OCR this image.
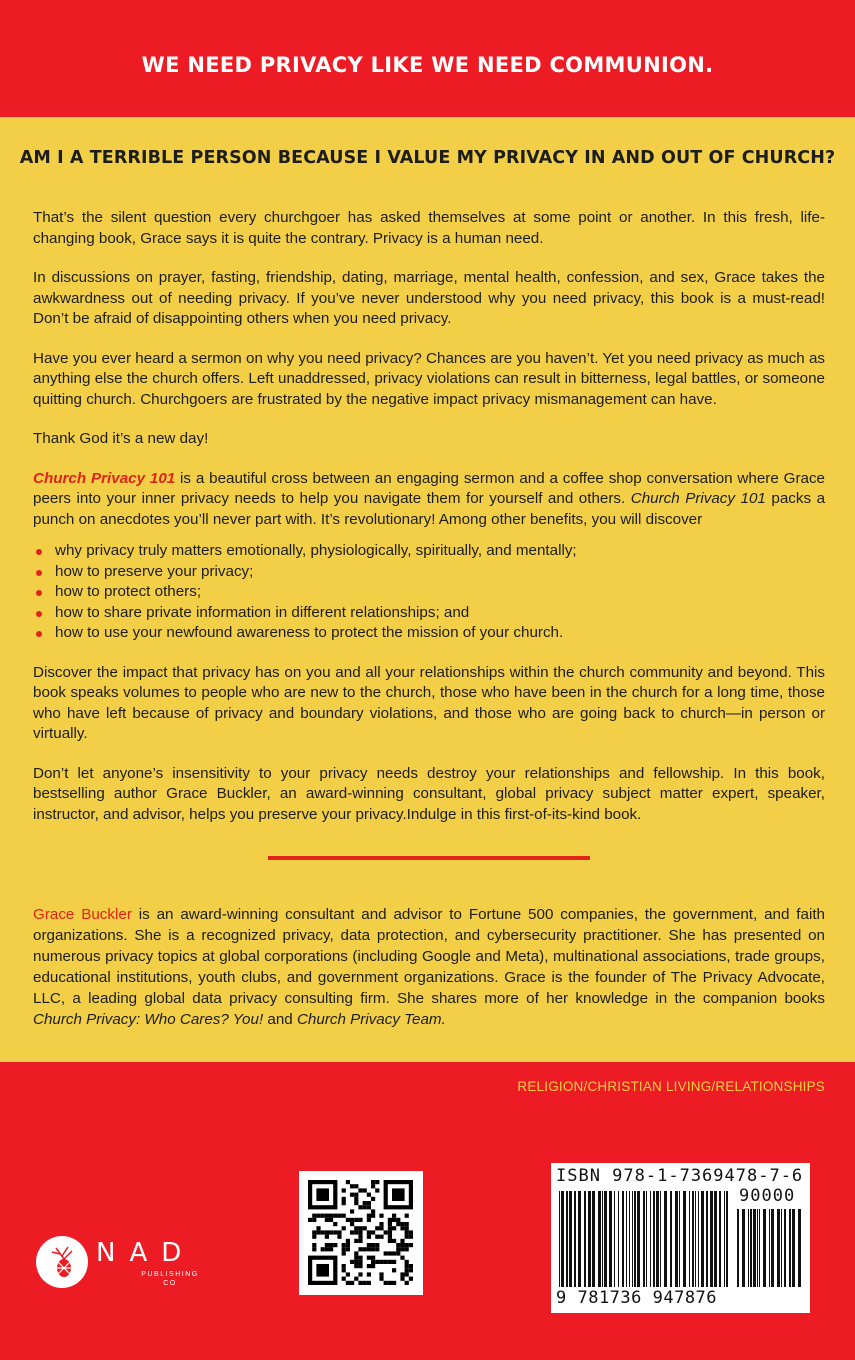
WE NEED PRIVACY LIKE WE NEED COMMUNION.
AM I A TERRIBLE PERSON BECAUSE I VALUE MY PRIVACY IN AND OUT OF CHURCH?

That’s the silent question every churchgoer has asked themselves at some point or another. In this fresh, life-changing book, Grace says it is quite the contrary. Privacy is a human need.

In discussions on prayer, fasting, friendship, dating, marriage, mental health, confession, and sex, Grace takes the awkwardness out of needing privacy. If you’ve never understood why you need privacy, this book is a must-read! Don’t be afraid of disappointing others when you need privacy.

Have you ever heard a sermon on why you need privacy? Chances are you haven’t. Yet you need privacy as much as anything else the church offers. Left unaddressed, privacy violations can result in bitterness, legal battles, or someone quitting church. Churchgoers are frustrated by the negative impact privacy mismanagement can have.

Thank God it’s a new day!

Church Privacy 101 is a beautiful cross between an engaging sermon and a coffee shop conversation where Grace peers into your inner privacy needs to help you navigate them for yourself and others. Church Privacy 101 packs a punch on anecdotes you’ll never part with. It’s revolutionary! Among other benefits, you will discover

why privacy truly matters emotionally, physiologically, spiritually, and mentally;
how to preserve your privacy;
how to protect others;
how to share private information in different relationships; and
how to use your newfound awareness to protect the mission of your church.

Discover the impact that privacy has on you and all your relationships within the church community and beyond. This book speaks volumes to people who are new to the church, those who have been in the church for a long time, those who have left because of privacy and boundary violations, and those who are going back to church—in person or virtually.

Don’t let anyone’s insensitivity to your privacy needs destroy your relationships and fellowship. In this book, bestselling author Grace Buckler, an award-winning consultant, global privacy subject matter expert, speaker, instructor, and advisor, helps you preserve your privacy.Indulge in this first-of-its-kind book.

Grace Buckler is an award-winning consultant and advisor to Fortune 500 companies, the government, and faith organizations. She is a recognized privacy, data protection, and cybersecurity practitioner. She has presented on numerous privacy topics at global corporations (including Google and Meta), multinational associations, trade groups, educational institutions, youth clubs, and government organizations. Grace is the founder of The Privacy Advocate, LLC, a leading global data privacy consulting firm. She shares more of her knowledge in the companion books Church Privacy: Who Cares? You! and Church Privacy Team.

RELIGION/CHRISTIAN LIVING/RELATIONSHIPS
NAD
PUBLISHING CO
ISBN 978-1-7369478-7-6
90000
9 781736 947876
